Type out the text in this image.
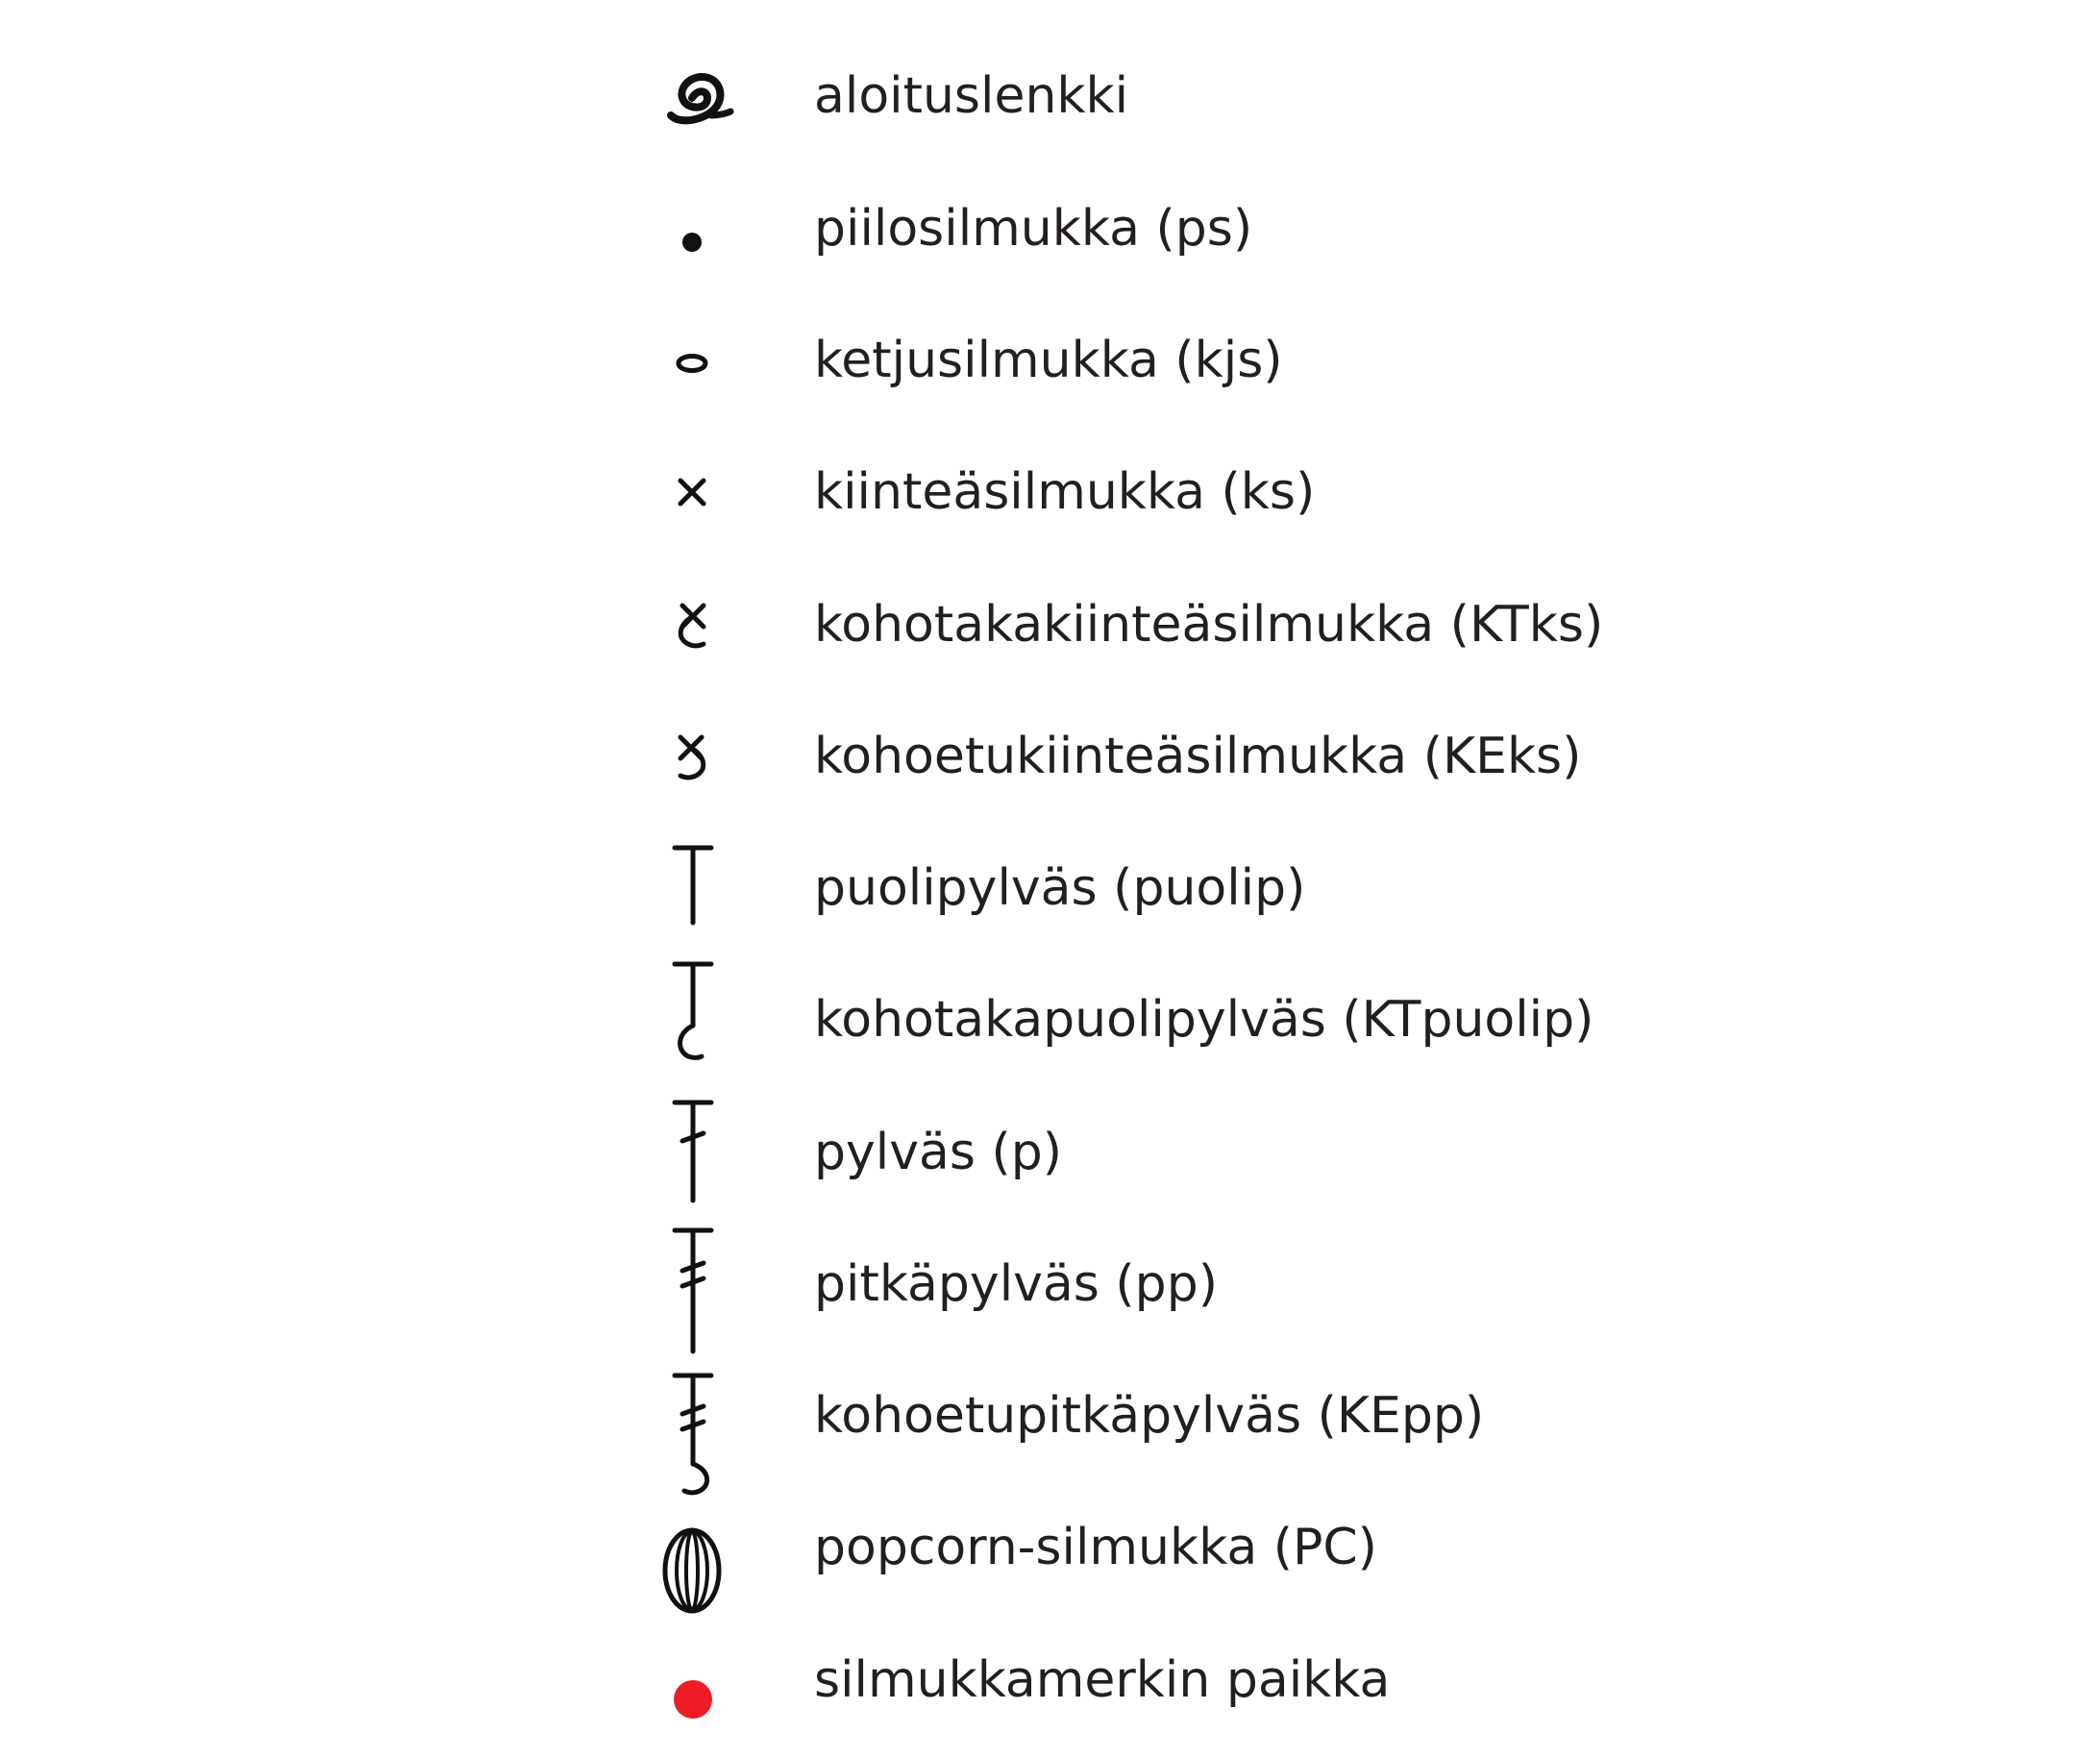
aloituslenkki
piilosilmukka (ps)
ketjusilmukka (kjs)
kiinteäsilmukka (ks)
kohotakakiinteäsilmukka (KTks)
kohoetukiinteäsilmukka (KEks)
puolipylväs (puolip)
kohotakapuolipylväs (KTpuolip)
pylväs (p)
pitkäpylväs (pp)
kohoetupitkäpylväs (KEpp)
popcorn-silmukka (PC)
silmukkamerkin paikka
